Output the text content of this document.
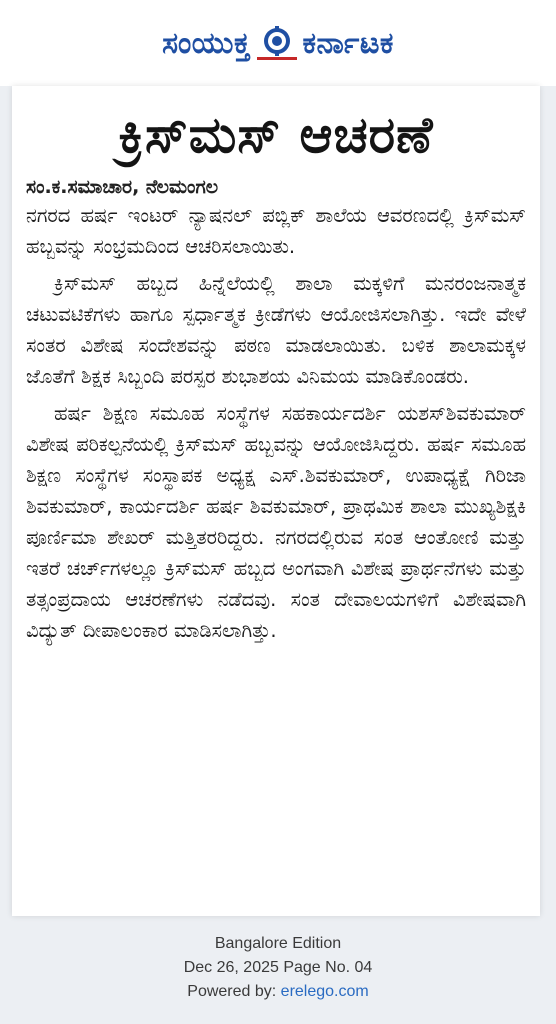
ಸಂಯುಕ್ತ ಕರ್ನಾಟಕ
ಕ್ರಿಸ್‌ಮಸ್ ಆಚರಣೆ

ಸಂ.ಕ.ಸಮಾಚಾರ, ನೆಲಮಂಗಲ

ನಗರದ ಹರ್ಷ ಇಂಟರ್ ನ್ಯಾಷನಲ್ ಪಬ್ಲಿಕ್ ಶಾಲೆಯ ಆವರಣದಲ್ಲಿ ಕ್ರಿಸ್‌ಮಸ್ ಹಬ್ಬವನ್ನು ಸಂಭ್ರಮದಿಂದ ಆಚರಿಸಲಾಯಿತು.

ಕ್ರಿಸ್‌ಮಸ್ ಹಬ್ಬದ ಹಿನ್ನೆಲೆಯಲ್ಲಿ ಶಾಲಾ ಮಕ್ಕಳಿಗೆ ಮನರಂಜನಾತ್ಮಕ ಚಟುವಟಿಕೆಗಳು ಹಾಗೂ ಸ್ಪರ್ಧಾತ್ಮಕ ಕ್ರೀಡೆಗಳು ಆಯೋಜಿಸಲಾಗಿತ್ತು. ಇದೇ ವೇಳೆ ಸಂತರ ವಿಶೇಷ ಸಂದೇಶವನ್ನು ಪಠಣ ಮಾಡಲಾಯಿತು. ಬಳಿಕ ಶಾಲಾಮಕ್ಕಳ ಜೊತೆಗೆ ಶಿಕ್ಷಕ ಸಿಬ್ಬಂದಿ ಪರಸ್ಪರ ಶುಭಾಶಯ ವಿನಿಮಯ ಮಾಡಿಕೊಂಡರು.

ಹರ್ಷ ಶಿಕ್ಷಣ ಸಮೂಹ ಸಂಸ್ಥೆಗಳ ಸಹಕಾರ್ಯದರ್ಶಿ ಯಶಸ್‌ಶಿವಕುಮಾರ್ ವಿಶೇಷ ಪರಿಕಲ್ಪನೆಯಲ್ಲಿ ಕ್ರಿಸ್‌ಮಸ್ ಹಬ್ಬವನ್ನು ಆಯೋಜಿಸಿದ್ದರು. ಹರ್ಷ ಸಮೂಹ ಶಿಕ್ಷಣ ಸಂಸ್ಥೆಗಳ ಸಂಸ್ಥಾಪಕ ಅಧ್ಯಕ್ಷ ಎಸ್.ಶಿವಕುಮಾರ್, ಉಪಾಧ್ಯಕ್ಷೆ ಗಿರಿಜಾ ಶಿವಕುಮಾರ್, ಕಾರ್ಯದರ್ಶಿ ಹರ್ಷ ಶಿವಕುಮಾರ್, ಪ್ರಾಥಮಿಕ ಶಾಲಾ ಮುಖ್ಯಶಿಕ್ಷಕಿ ಪೂರ್ಣಿಮಾ ಶೇಖರ್ ಮತ್ತಿತರರಿದ್ದರು. ನಗರದಲ್ಲಿರುವ ಸಂತ ಆಂತೋಣಿ ಮತ್ತು ಇತರೆ ಚರ್ಚ್‌ಗಳಲ್ಲೂ ಕ್ರಿಸ್‌ಮಸ್ ಹಬ್ಬದ ಅಂಗವಾಗಿ ವಿಶೇಷ ಪ್ರಾರ್ಥನೆಗಳು ಮತ್ತು ತತ್ಸಂಪ್ರದಾಯ ಆಚರಣೆಗಳು ನಡೆದವು. ಸಂತ ದೇವಾಲಯಗಳಿಗೆ ವಿಶೇಷವಾಗಿ ವಿದ್ಯುತ್ ದೀಪಾಲಂಕಾರ ಮಾಡಿಸಲಾಗಿತ್ತು.

Bangalore Edition
Dec 26, 2025 Page No. 04
Powered by: erelego.com
